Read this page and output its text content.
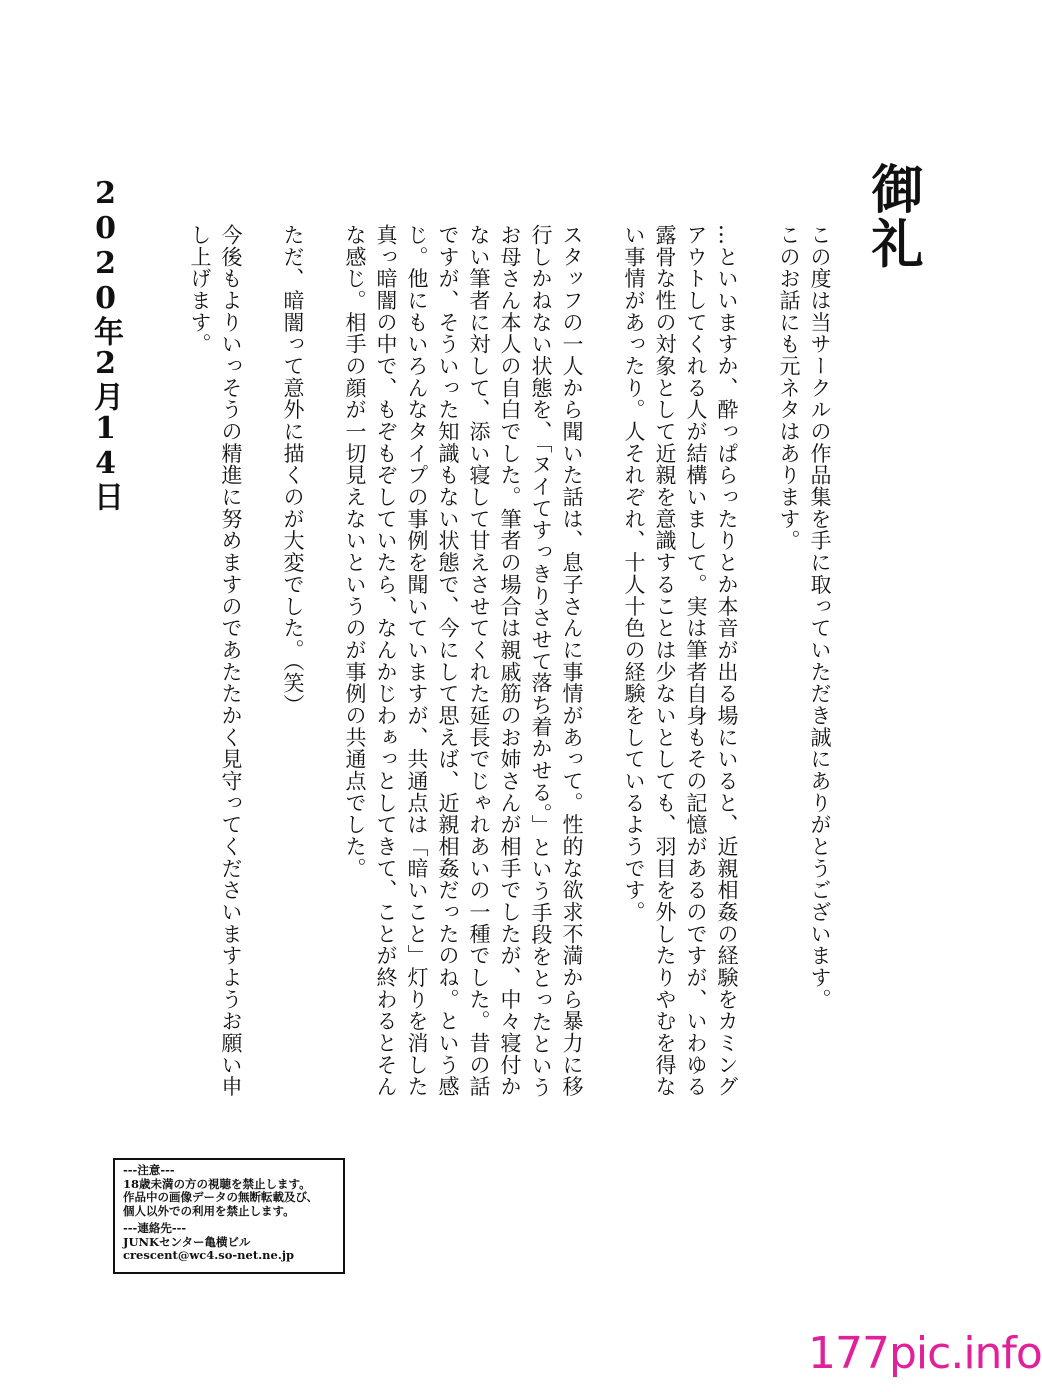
御礼

この度は当サークルの作品集を手に取っていただき誠にありがとうございます。

このお話にも元ネタはあります。

…といいますか、酔っぱらったりとか本音が出る場にいると、近親相姦の経験をカミングアウトしてくれる人が結構いまして。実は筆者自身もその記憶があるのですが、いわゆる露骨な性の対象として近親を意識することは少ないとしても、羽目を外したりやむを得ない事情があったり。人それぞれ、十人十色の経験をしているようです。

スタッフの一人から聞いた話は、息子さんに事情があって。性的な欲求不満から暴力に移行しかねない状態を、「ヌイてすっきりさせて落ち着かせる。」という手段をとったというお母さん本人の自白でした。筆者の場合は親戚筋のお姉さんが相手でしたが、中々寝付かない筆者に対して、添い寝して甘えさせてくれた延長でじゃれあいの一種でした。昔の話ですが、そういった知識もない状態で、今にして思えば、近親相姦だったのね。という感じ。他にもいろんなタイプの事例を聞いていますが、共通点は「暗いこと」灯りを消した真っ暗闇の中で、もぞもぞしていたら、なんかじわぁっとしてきて、ことが終わるとそんな感じ。相手の顔が一切見えないというのが事例の共通点でした。

ただ、暗闇って意外に描くのが大変でした。（笑）

今後もよりいっそうの精進に努めますのであたたかく見守ってくださいますようお願い申し上げます。

2020年2月14日
---注意---
18歳未満の方の視聴を禁止します。
作品中の画像データの無断転載及び、
個人以外での利用を禁止します。
---連絡先---
JUNKセンター亀横ビル
crescent@wc4.so-net.ne.jp
177pic.info
